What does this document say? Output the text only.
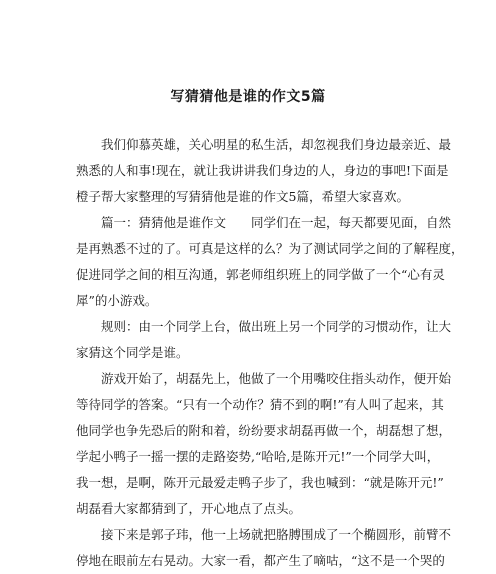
写猜猜他是谁的作文5篇
　　我们仰慕英雄，关心明星的私生活，却忽视我们身边最亲近、最
熟悉的人和事!现在，就让我讲讲我们身边的人，身边的事吧!下面是
橙子帮大家整理的写猜猜他是谁的作文5篇，希望大家喜欢。
　　篇一：猜猜他是谁作文　　同学们在一起，每天都要见面，自然
是再熟悉不过的了。可真是这样的么？为了测试同学之间的了解程度，
促进同学之间的相互沟通，郭老师组织班上的同学做了一个“心有灵
犀”的小游戏。
　　规则：由一个同学上台，做出班上另一个同学的习惯动作，让大
家猜这个同学是谁。
　　游戏开始了，胡磊先上，他做了一个用嘴咬住指头动作，便开始
等待同学的答案。“只有一个动作？猜不到的啊!”有人叫了起来，其
他同学也争先恐后的附和着，纷纷要求胡磊再做一个，胡磊想了想，
学起小鸭子一摇一摆的走路姿势,“哈哈,是陈开元!”一个同学大叫，
我一想，是啊，陈开元最爱走鸭子步了，我也喊到：“就是陈开元!”
胡磊看大家都猜到了，开心地点了点头。
　　接下来是郭子玮，他一上场就把胳膊围成了一个椭圆形，前臂不
停地在眼前左右晃动。大家一看，都产生了嘀咕，“这不是一个哭的
